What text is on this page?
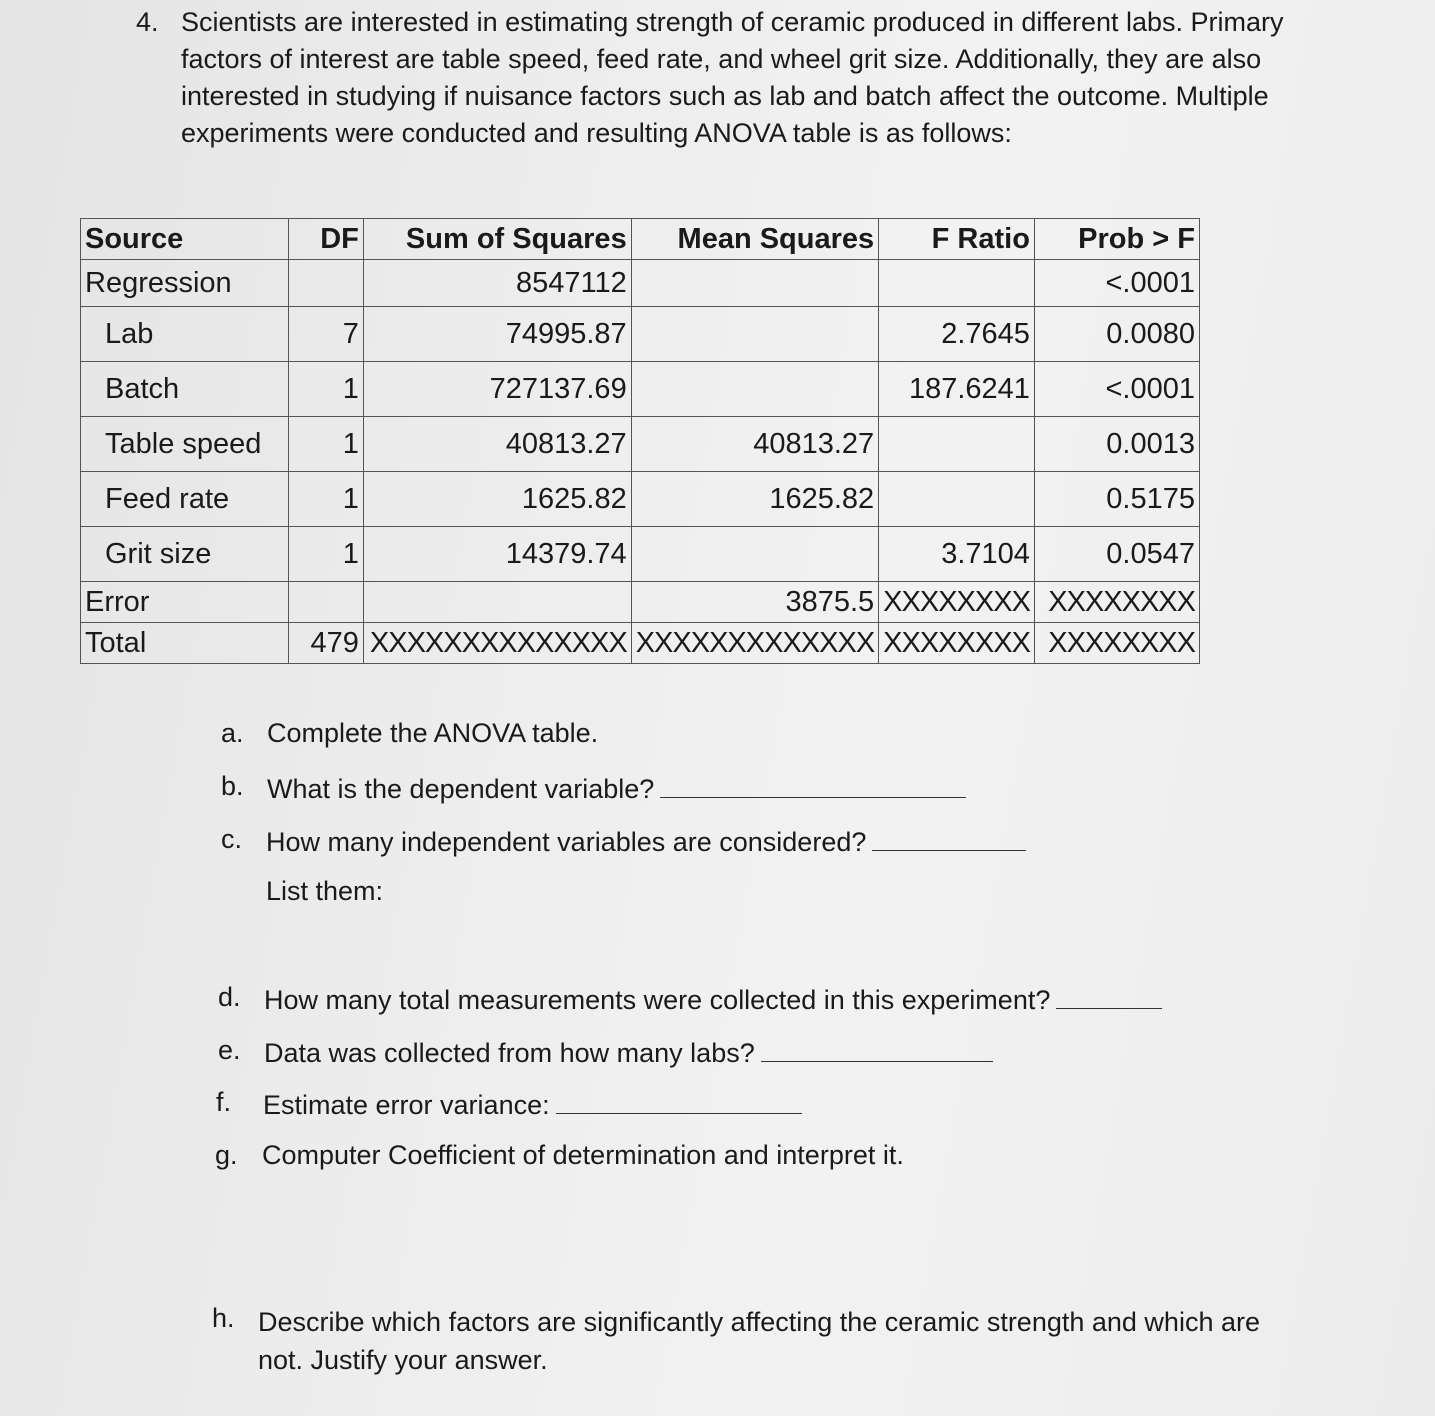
4. Scientists are interested in estimating strength of ceramic produced in different labs. Primary factors of interest are table speed, feed rate, and wheel grit size. Additionally, they are also interested in studying if nuisance factors such as lab and batch affect the outcome. Multiple experiments were conducted and resulting ANOVA table is as follows:
Source	DF	Sum of Squares	Mean Squares	F Ratio	Prob > F
Regression		8547112			<.0001
Lab	7	74995.87		2.7645	0.0080
Batch	1	727137.69		187.6241	<.0001
Table speed	1	40813.27	40813.27		0.0013
Feed rate	1	1625.82	1625.82		0.5175
Grit size	1	14379.74		3.7104	0.0547
Error			3875.5	XXXXXXXX	XXXXXXXX
Total	479	XXXXXXXXXXXXXX	XXXXXXXXXXXXX	XXXXXXXX	XXXXXXXX
a. Complete the ANOVA table.
b. What is the dependent variable?
c. How many independent variables are considered?
List them:
d. How many total measurements were collected in this experiment?
e. Data was collected from how many labs?
f. Estimate error variance:
g. Computer Coefficient of determination and interpret it.
h. Describe which factors are significantly affecting the ceramic strength and which are not. Justify your answer.
